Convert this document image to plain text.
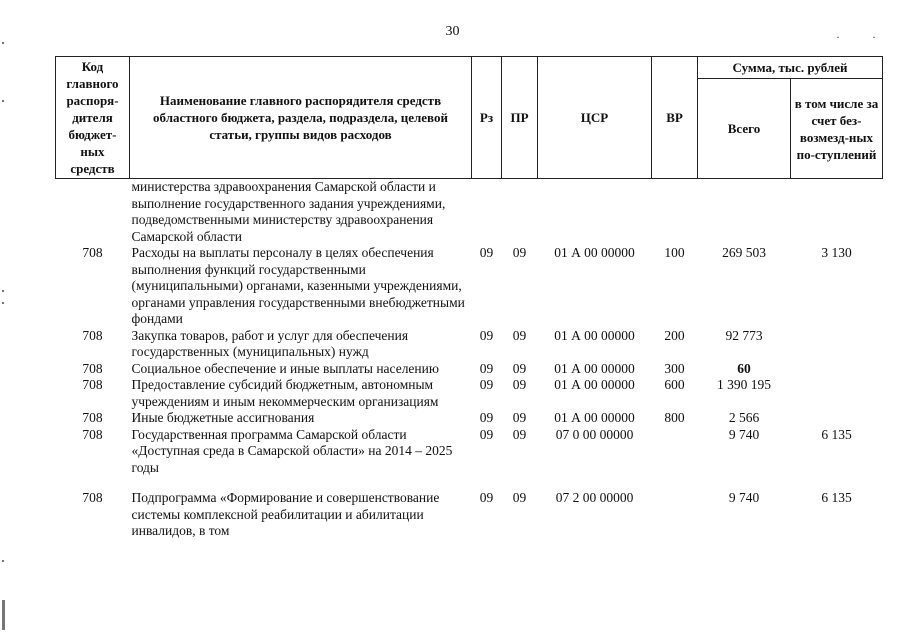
30	·	·
Код главного распоря-дителя бюджет-ных средств	Наименование главного распорядителя средств областного бюджета, раздела, подраздела, целевой статьи, группы видов расходов	Рз	ПР	ЦСР	ВР	Сумма, тыс. рублей	
						Всего	в том числе за счет без-возмезд-ных по-ступлений
	министерства здравоохранения Самарской области и выполнение государственного задания учреждениями, подведомственными министерству здравоохранения Самарской области						
708	Расходы на выплаты персоналу в целях обеспечения выполнения функций государственными (муниципальными) органами, казенными учреждениями, органами управления государственными внебюджетными фондами	09	09	01 А 00 00000	100	269 503	3 130
708	Закупка товаров, работ и услуг для обеспечения государственных (муниципальных) нужд	09	09	01 А 00 00000	200	92 773	
708	Социальное обеспечение и иные выплаты населению	09	09	01 А 00 00000	300	60	
708	Предоставление субсидий бюджетным, автономным учреждениям и иным некоммерческим организациям	09	09	01 А 00 00000	600	1 390 195	
708	Иные бюджетные ассигнования	09	09	01 А 00 00000	800	2 566	
708	Государственная программа Самарской области «Доступная среда в Самарской области» на 2014 – 2025 годы	09	09	07 0 00 00000		9 740	6 135

708	Подпрограмма «Формирование и совершенствование системы комплексной реабилитации и абилитации инвалидов, в том	09	09	07 2 00 00000		9 740	6 135
